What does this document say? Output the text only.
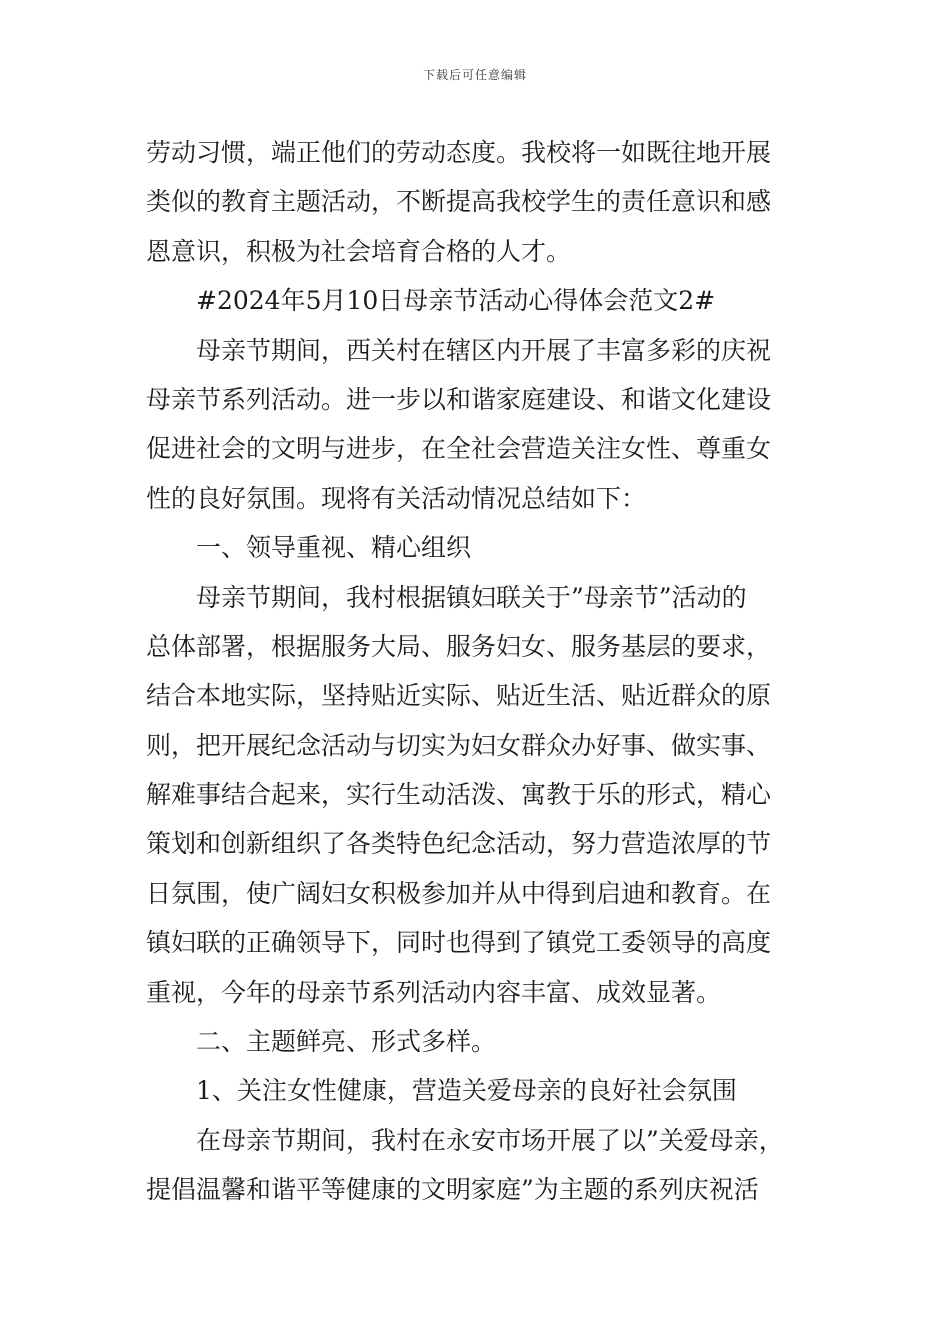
下载后可任意编辑
劳动习惯，端正他们的劳动态度。我校将一如既往地开展
类似的教育主题活动，不断提高我校学生的责任意识和感
恩意识，积极为社会培育合格的人才。
#2024年5月10日母亲节活动心得体会范文2#
母亲节期间，西关村在辖区内开展了丰富多彩的庆祝
母亲节系列活动。进一步以和谐家庭建设、和谐文化建设
促进社会的文明与进步，在全社会营造关注女性、尊重女
性的良好氛围。现将有关活动情况总结如下：
一、领导重视、精心组织
母亲节期间，我村根据镇妇联关于”母亲节”活动的
总体部署，根据服务大局、服务妇女、服务基层的要求，
结合本地实际，坚持贴近实际、贴近生活、贴近群众的原
则，把开展纪念活动与切实为妇女群众办好事、做实事、
解难事结合起来，实行生动活泼、寓教于乐的形式，精心
策划和创新组织了各类特色纪念活动，努力营造浓厚的节
日氛围，使广阔妇女积极参加并从中得到启迪和教育。在
镇妇联的正确领导下，同时也得到了镇党工委领导的高度
重视，今年的母亲节系列活动内容丰富、成效显著。
二、主题鲜亮、形式多样。
1、关注女性健康，营造关爱母亲的良好社会氛围
在母亲节期间，我村在永安市场开展了以”关爱母亲，
提倡温馨和谐平等健康的文明家庭”为主题的系列庆祝活
